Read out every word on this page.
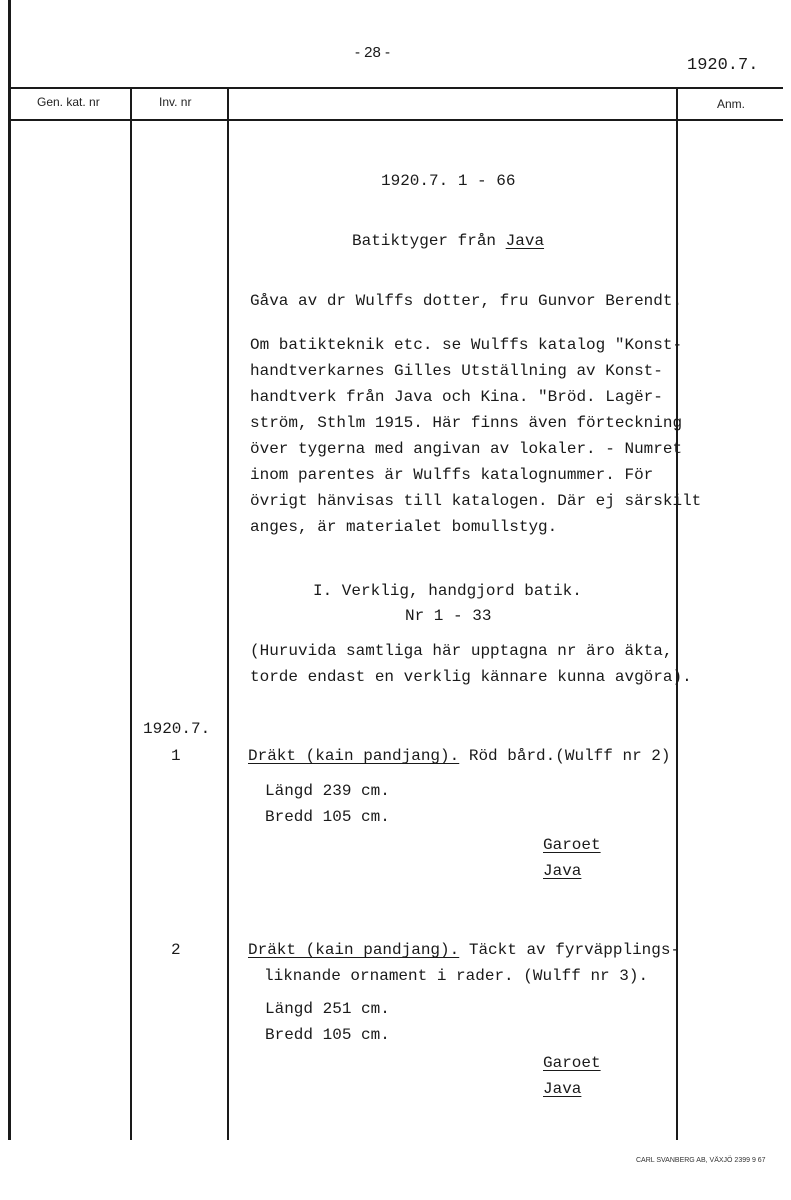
- 28 -
1920.7.
Gen. kat. nr	Inv. nr	Anm.
1920.7. 1 - 66
Batiktyger från Java
Gåva av dr Wulffs dotter, fru Gunvor Berendt.
Om batikteknik etc. se Wulffs katalog "Konst-
handtverkarnes Gilles Utställning av Konst-
handtverk från Java och Kina. "Bröd. Lagër-
ström, Sthlm 1915. Här finns även förteckning
över tygerna med angivan av lokaler. - Numret
inom parentes är Wulffs katalognummer. För
övrigt hänvisas till katalogen. Där ej särskilt
anges, är materialet bomullstyg.
I. Verklig, handgjord batik.
Nr 1 - 33
(Huruvida samtliga här upptagna nr äro äkta,
torde endast en verklig kännare kunna avgöra).
1920.7.
1	Dräkt (kain pandjang). Röd bård.(Wulff nr 2)
Längd 239 cm.
Bredd 105 cm.
Garoet
Java
2	Dräkt (kain pandjang). Täckt av fyrväpplings-
liknande ornament i rader. (Wulff nr 3).
Längd 251 cm.
Bredd 105 cm.
Garoet
Java
CARL SVANBERG AB, VÄXJÖ 2399 9 67
